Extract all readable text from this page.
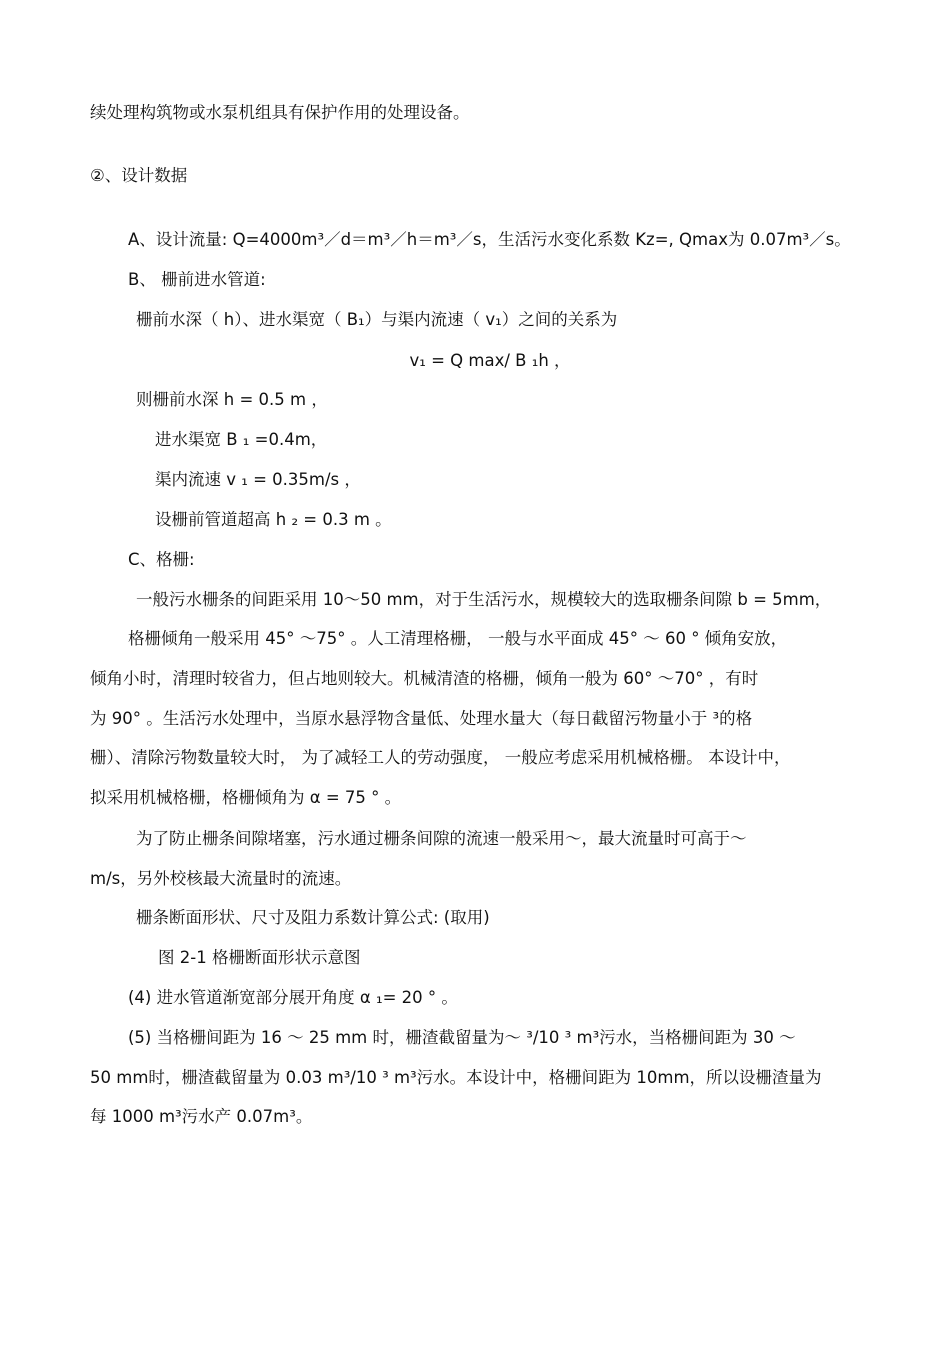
续处理构筑物或水泵机组具有保护作用的处理设备。
②、设计数据
A、设计流量: Q=4000m³／d＝m³／h＝m³／s，生活污水变化系数 Kz=, Qmax为 0.07m³／s。
B、 栅前进水管道:
栅前水深（ h）、进水渠宽（ B₁）与渠内流速（ v₁）之间的关系为
v₁ = Q max/ B ₁h ，
则栅前水深 h = 0.5 m ，
进水渠宽 B ₁ =0.4m，
渠内流速 v ₁ = 0.35m/s ，
设栅前管道超高 h ₂ = 0.3 m 。
C、格栅:
一般污水栅条的间距采用 10～50 mm，对于生活污水，规模较大的选取栅条间隙 b = 5mm，
格栅倾角一般采用 45° ～75° 。人工清理格栅， 一般与水平面成 45° ～ 60 ° 倾角安放，
倾角小时，清理时较省力，但占地则较大。机械清渣的格栅，倾角一般为 60° ～70° ，有时
为 90° 。生活污水处理中，当原水悬浮物含量低、处理水量大（每日截留污物量小于 ³的格
栅）、清除污物数量较大时， 为了减轻工人的劳动强度， 一般应考虑采用机械格栅。 本设计中，
拟采用机械格栅，格栅倾角为 α = 75 ° 。
为了防止栅条间隙堵塞，污水通过栅条间隙的流速一般采用～，最大流量时可高于～
m/s，另外校核最大流量时的流速。
栅条断面形状、尺寸及阻力系数计算公式: (取用)
图 2-1 格栅断面形状示意图
(4) 进水管道渐宽部分展开角度 α ₁= 20 ° 。
(5) 当格栅间距为 16 ～ 25 mm 时，栅渣截留量为～ ³/10 ³ m³污水，当格栅间距为 30 ～
50 mm时，栅渣截留量为 0.03 m³/10 ³ m³污水。本设计中，格栅间距为 10mm，所以设栅渣量为
每 1000 m³污水产 0.07m³。
